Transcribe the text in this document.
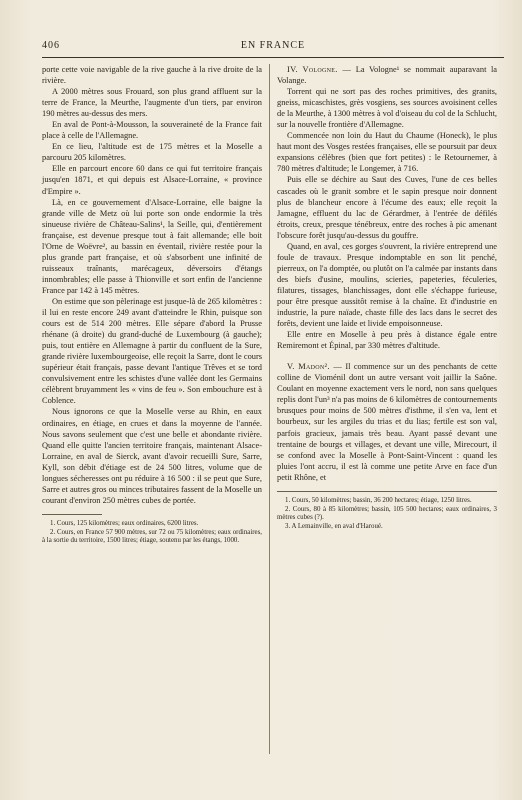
406	EN FRANCE

porte cette voie navigable de la rive gauche à la rive droite de la rivière.

A 2000 mètres sous Frouard, son plus grand affluent sur la terre de France, la Meurthe, l'augmente d'un tiers, par environ 190 mètres au-dessus des mers.

En aval de Pont-à-Mousson, la souveraineté de la France fait place à celle de l'Allemagne.

En ce lieu, l'altitude est de 175 mètres et la Moselle a parcouru 205 kilomètres.

Elle en parcourt encore 60 dans ce qui fut territoire français jusqu'en 1871, et qui depuis est Alsace-Lorraine, « province d'Empire ».

Là, en ce gouvernement d'Alsace-Lorraine, elle baigne la grande ville de Metz où lui porte son onde endormie la très sinueuse rivière de Château-Salins¹, la Seille, qui, d'entièrement française, est devenue presque tout à fait allemande; elle boit l'Orne de Woëvre², au bassin en éventail, rivière restée pour la plus grande part française, et où s'absorbent une infinité de ruisseaux traînants, marécageux, déversoirs d'étangs innombrables; elle passe à Thionville et sort enfin de l'ancienne France par 142 à 145 mètres.

On estime que son pèlerinage est jusque-là de 265 kilomètres : il lui en reste encore 249 avant d'atteindre le Rhin, puisque son cours est de 514 200 mètres. Elle sépare d'abord la Prusse rhénane (à droite) du grand-duché de Luxembourg (à gauche); puis, tout entière en Allemagne à partir du confluent de la Sure, grande rivière luxembourgeoise, elle reçoit la Sarre, dont le cours supérieur était français, passe devant l'antique Trêves et se tord convulsivement entre les schistes d'une vallée dont les Germains célèbrent bruyamment les « vins de feu ». Son embouchure est à Coblence.

Nous ignorons ce que la Moselle verse au Rhin, en eaux ordinaires, en étiage, en crues et dans la moyenne de l'année. Nous savons seulement que c'est une belle et abondante rivière. Quand elle quitte l'ancien territoire français, maintenant Alsace-Lorraine, en aval de Sierck, avant d'avoir recueilli Sure, Sarre, Kyll, son débit d'étiage est de 24 500 litres, volume que de longues sécheresses ont pu réduire à 16 500 : il se peut que Sure, Sarre et autres gros ou minces tributaires fassent de la Moselle un courant d'environ 250 mètres cubes de portée.

1. Cours, 125 kilomètres; eaux ordinaires, 6200 litres.
2. Cours, en France 57 900 mètres, sur 72 ou 75 kilomètres; eaux ordinaires, à la sortie du territoire, 1500 litres; étiage, soutenu par les étangs, 1000.

IV. Vologne. — La Vologne¹ se nommait auparavant la Volange.

Torrent qui ne sort pas des roches primitives, des granits, gneiss, micaschistes, grès vosgiens, ses sources avoisinent celles de la Meurthe, à 1300 mètres à vol d'oiseau du col de la Schlucht, sur la nouvelle frontière d'Allemagne.

Commencée non loin du Haut du Chaume (Honeck), le plus haut mont des Vosges restées françaises, elle se poursuit par deux expansions célèbres (bien que fort petites) : le Retournemer, à 780 mètres d'altitude; le Longemer, à 716.

Puis elle se déchire au Saut des Cuves, l'une de ces belles cascades où le granit sombre et le sapin presque noir donnent plus de blancheur encore à l'écume des eaux; elle reçoit la Jamagne, effluent du lac de Gérardmer, à l'entrée de défilés étroits, creux, presque ténébreux, entre des roches à pic amenant l'obscure forêt jusqu'au-dessus du gouffre.

Quand, en aval, ces gorges s'ouvrent, la rivière entreprend une foule de travaux. Presque indomptable en son lit penché, pierreux, on l'a domptée, ou plutôt on l'a calmée par instants dans des biefs d'usine, moulins, scieries, papeteries, féculeries, filatures, tissages, blanchissages, dont elle s'échappe furieuse, pour être presque aussitôt remise à la chaîne. Et d'industrie en industrie, la pure naïade, chaste fille des lacs dans le secret des forêts, devient une laide et livide empoisonneuse.

Elle entre en Moselle à peu près à distance égale entre Remiremont et Épinal, par 330 mètres d'altitude.

V. Madon². — Il commence sur un des penchants de cette colline de Vioménil dont un autre versant voit jaillir la Saône. Coulant en moyenne exactement vers le nord, non sans quelques replis dont l'un³ n'a pas moins de 6 kilomètres de contournements brusques pour moins de 500 mètres d'isthme, il s'en va, lent et bourbeux, sur les argiles du trias et du lias; fertile est son val, parfois gracieux, jamais très beau. Ayant passé devant une trentaine de bourgs et villages, et devant une ville, Mirecourt, il se confond avec la Moselle à Pont-Saint-Vincent : quand les pluies l'ont accru, il est là comme une petite Arve en face d'un petit Rhône, et

1. Cours, 50 kilomètres; bassin, 36 200 hectares; étiage, 1250 litres.
2. Cours, 80 à 85 kilomètres; bassin, 105 500 hectares; eaux ordinaires, 3 mètres cubes (?).
3. A Lemainville, en aval d'Haroué.
